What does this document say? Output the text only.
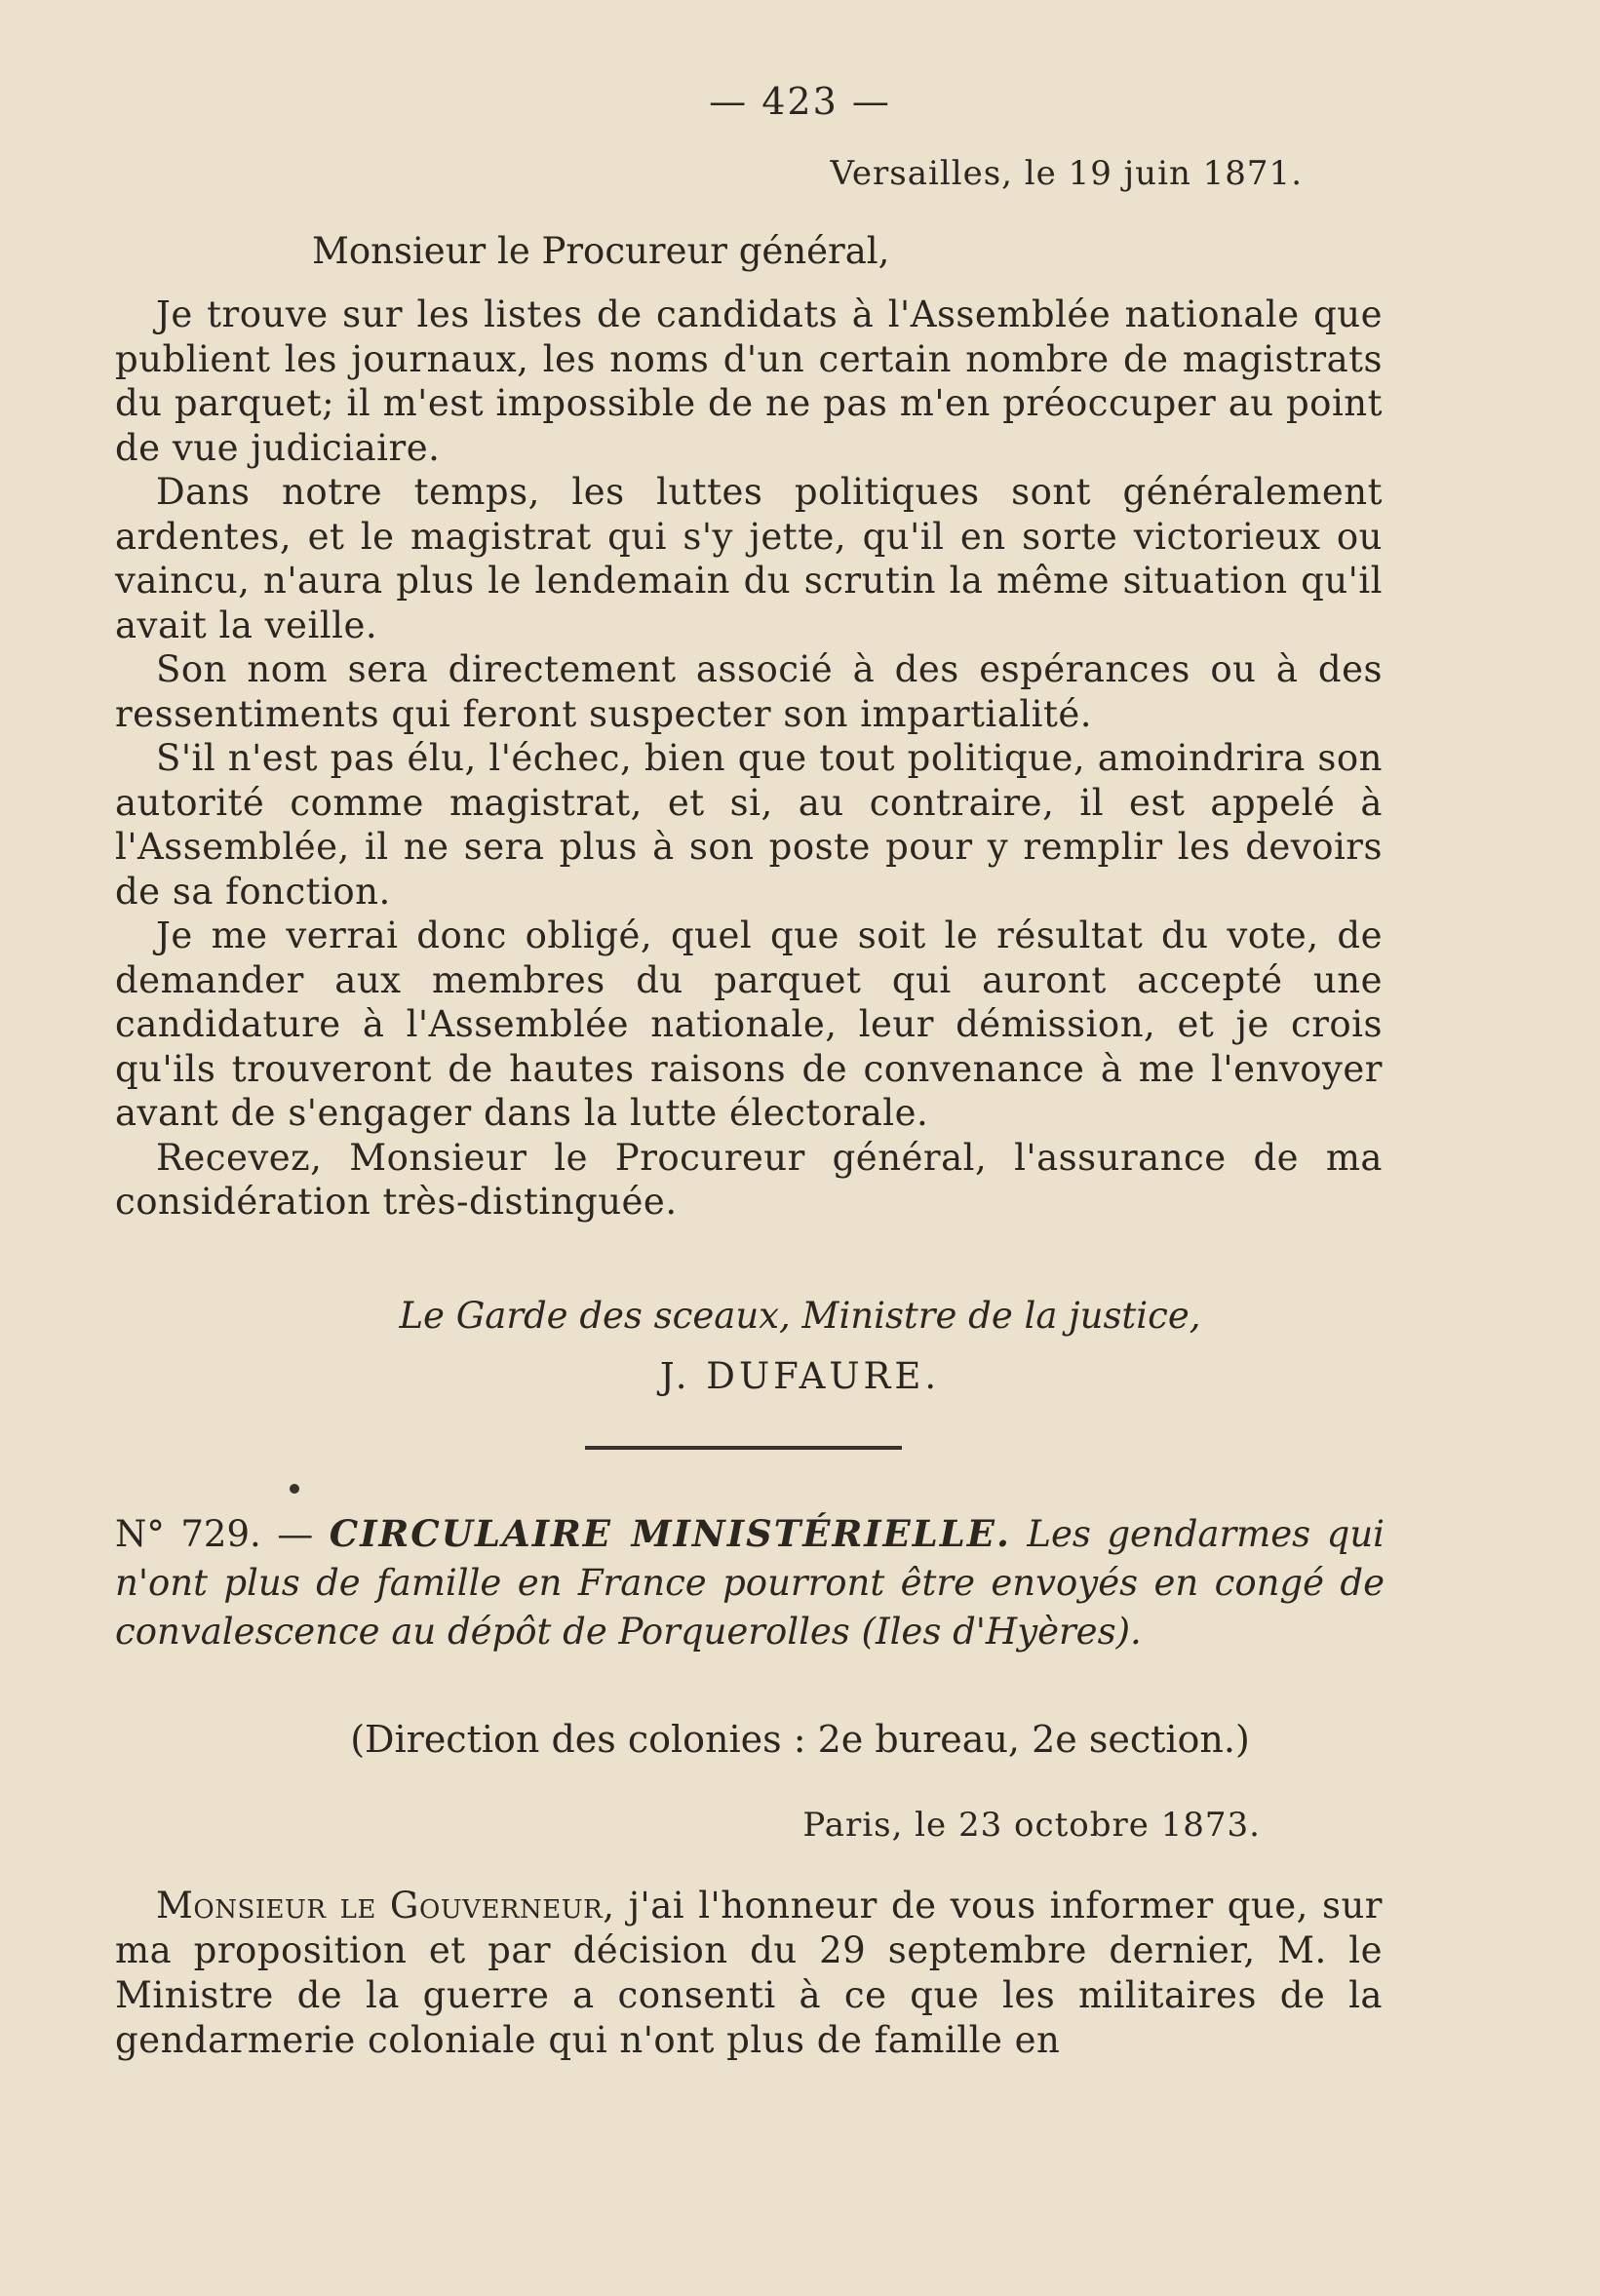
— 423 —
Versailles, le 19 juin 1871.
Monsieur le Procureur général,

Je trouve sur les listes de candidats à l'Assemblée nationale que publient les journaux, les noms d'un certain nombre de magistrats du parquet; il m'est impossible de ne pas m'en préoccuper au point de vue judiciaire.

Dans notre temps, les luttes politiques sont généralement ardentes, et le magistrat qui s'y jette, qu'il en sorte victorieux ou vaincu, n'aura plus le lendemain du scrutin la même situation qu'il avait la veille.

Son nom sera directement associé à des espérances ou à des ressentiments qui feront suspecter son impartialité.

S'il n'est pas élu, l'échec, bien que tout politique, amoindrira son autorité comme magistrat, et si, au contraire, il est appelé à l'Assemblée, il ne sera plus à son poste pour y remplir les devoirs de sa fonction.

Je me verrai donc obligé, quel que soit le résultat du vote, de demander aux membres du parquet qui auront accepté une candidature à l'Assemblée nationale, leur démission, et je crois qu'ils trouveront de hautes raisons de convenance à me l'envoyer avant de s'engager dans la lutte électorale.

Recevez, Monsieur le Procureur général, l'assurance de ma considération très-distinguée.

Le Garde des sceaux, Ministre de la justice,
J. DUFAURE.
N° 729. — CIRCULAIRE MINISTÉRIELLE. Les gendarmes qui n'ont plus de famille en France pourront être envoyés en congé de convalescence au dépôt de Porquerolles (Iles d'Hyères).
(Direction des colonies : 2e bureau, 2e section.)
Paris, le 23 octobre 1873.

Monsieur le Gouverneur, j'ai l'honneur de vous informer que, sur ma proposition et par décision du 29 septembre dernier, M. le Ministre de la guerre a consenti à ce que les militaires de la gendarmerie coloniale qui n'ont plus de famille en
